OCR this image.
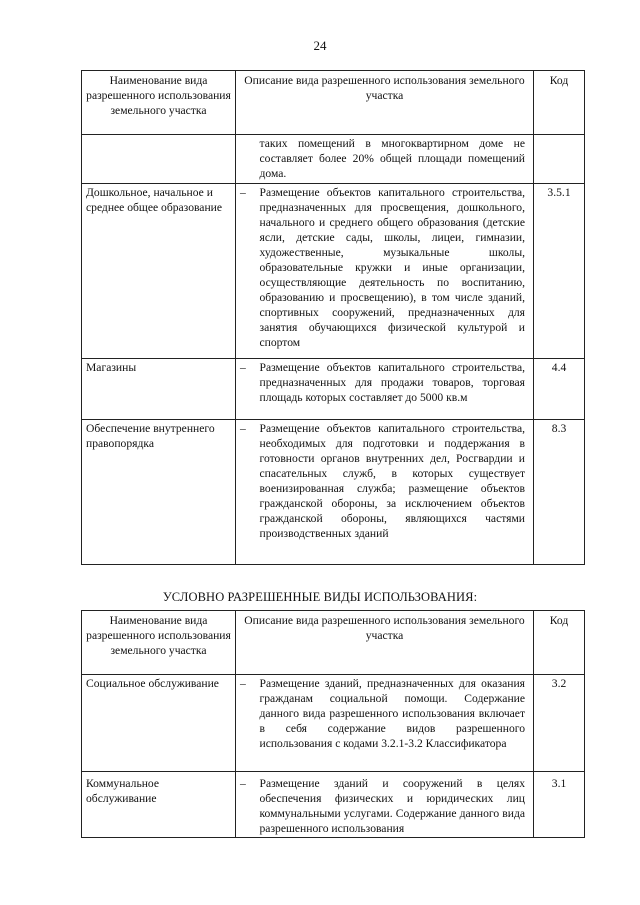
24
Наименование вида разрешенного использования земельного участка	Описание вида разрешенного использования земельного участка		Код
		таких помещений в многоквартирном доме не составляет более 20% общей площади помещений дома.	
Дошкольное, начальное и среднее общее образование	–	Размещение объектов капитального строительства, предназначенных для просвещения, дошкольного, начального и среднего общего образования (детские ясли, детские сады, школы, лицеи, гимназии, художественные, музыкальные школы, образовательные кружки и иные организации, осуществляющие деятельность по воспитанию, образованию и просвещению), в том числе зданий, спортивных сооружений, предназначенных для занятия обучающихся физической культурой и спортом	3.5.1
Магазины	–	Размещение объектов капитального строительства, предназначенных для продажи товаров, торговая площадь которых составляет до 5000 кв.м	4.4
Обеспечение внутреннего правопорядка	–	Размещение объектов капитального строительства, необходимых для подготовки и поддержания в готовности органов внутренних дел, Росгвардии и спасательных служб, в которых существует военизированная служба; размещение объектов гражданской обороны, за исключением объектов гражданской обороны, являющихся частями производственных зданий	8.3
УСЛОВНО РАЗРЕШЕННЫЕ ВИДЫ ИСПОЛЬЗОВАНИЯ:
Наименование вида разрешенного использования земельного участка	Описание вида разрешенного использования земельного участка		Код
Социальное обслуживание	–	Размещение зданий, предназначенных для оказания гражданам социальной помощи. Содержание данного вида разрешенного использования включает в себя содержание видов разрешенного использования с кодами 3.2.1-3.2 Классификатора	3.2
Коммунальное обслуживание	–	Размещение зданий и сооружений в целях обеспечения физических и юридических лиц коммунальными услугами. Содержание данного вида разрешенного использования	3.1
